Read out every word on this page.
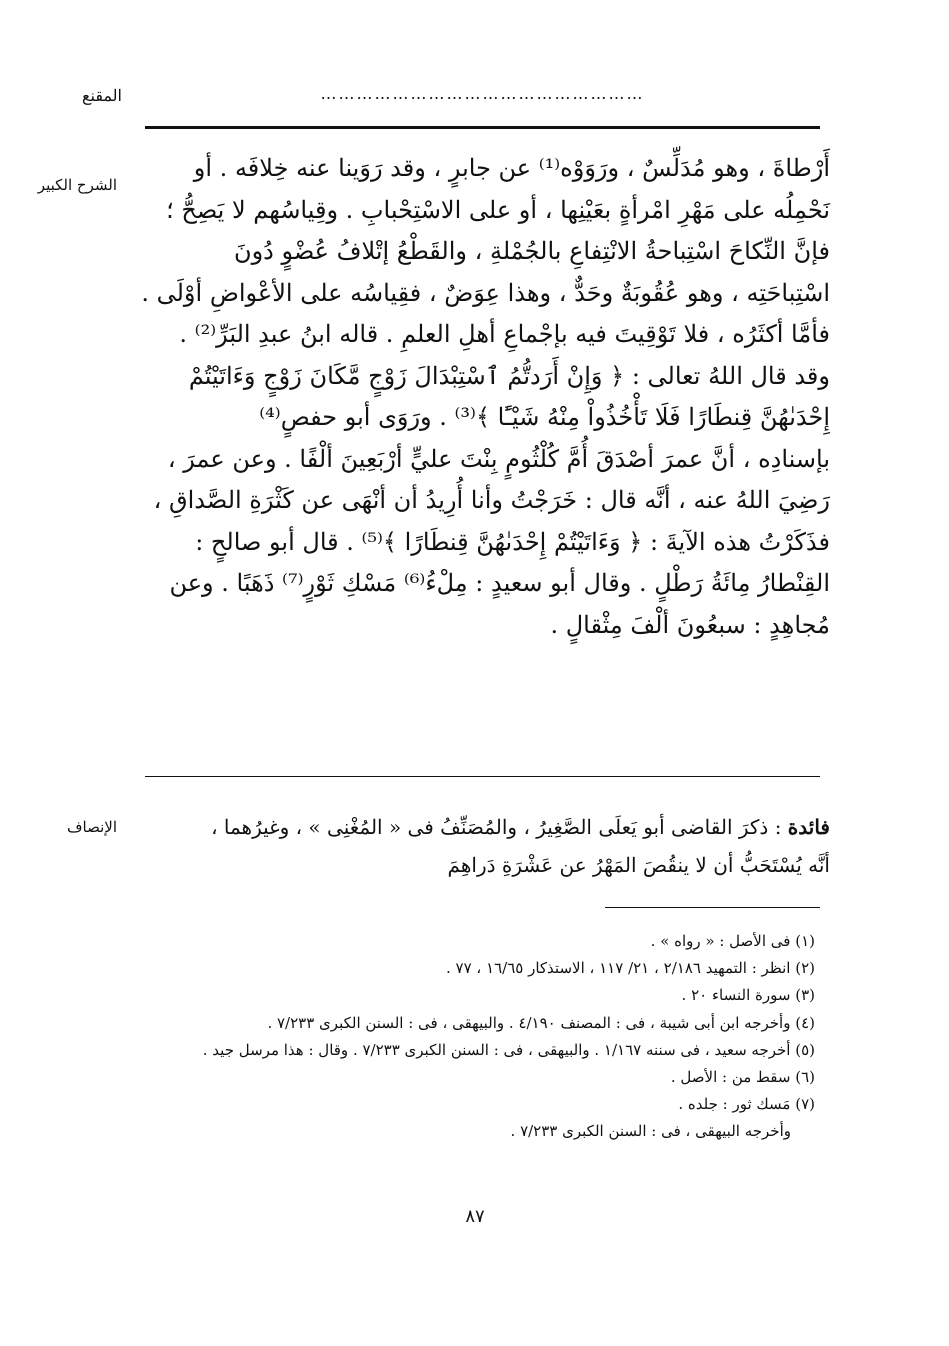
المقنع	………………………………………………
الشرح الكبير

أَرْطاةَ ، وهو مُدَلِّسٌ ، ورَوَوْه⁽¹⁾ عن جابرٍ ، وقد رَوَينا عنه خِلافَه . أو

نَحْمِلُه على مَهْرِ امْرأةٍ بعَيْنِها ، أو على الاسْتِحْبابِ . وقِياسُهم لا يَصِحُّ ؛

فإنَّ النِّكاحَ اسْتِباحةُ الانْتِفاعِ بالجُمْلةِ ، والقَطْعُ إتْلافُ عُضْوٍ دُونَ

اسْتِباحَتِه ، وهو عُقُوبَةٌ وحَدٌّ ، وهذا عِوَضٌ ، فقِياسُه على الأعْواضِ أوْلَى .

فأمَّا أكثَرُه ، فلا تَوْقِيتَ فيه بإجْماعِ أهلِ العلمِ . قاله ابنُ عبدِ البَرِّ⁽²⁾ .

وقد قال اللهُ تعالى : ﴿ وَإِنْ أَرَدتُّمُ ٱسْتِبْدَالَ زَوْجٍ مَّكَانَ زَوْجٍ وَءَاتَيْتُمْ

إِحْدَىٰهُنَّ قِنطَارًا فَلَا تَأْخُذُواْ مِنْهُ شَيْـًٔا ﴾⁽³⁾ . ورَوَى أبو حفصٍ⁽⁴⁾

بإسنادِه ، أنَّ عمرَ أصْدَقَ أُمَّ كُلْثُومٍ بِنْتَ عليٍّ أرْبَعِينَ ألْفًا . وعن عمرَ ،

رَضِيَ اللهُ عنه ، أنَّه قال : خَرَجْتُ وأنا أُرِيدُ أن أنْهَى عن كَثْرَةِ الصَّداقِ ،

فذَكَرْتُ هذه الآيةَ : ﴿ وَءَاتَيْتُمْ إِحْدَىٰهُنَّ قِنطَارًا ﴾⁽⁵⁾ . قال أبو صالحٍ :

القِنْطارُ مِائَةُ رَطْلٍ . وقال أبو سعيدٍ : مِلْءُ⁽⁶⁾ مَسْكِ ثَوْرٍ⁽⁷⁾ ذَهَبًا . وعن

مُجاهِدٍ : سبعُونَ ألْفَ مِثْقالٍ .

الإنصاف	فائدة : ذكرَ القاضى أبو يَعلَى الصَّغِيرُ ، والمُصَنِّفُ فى « المُغْنِى » ، وغيرُهما ،
أنَّه يُسْتَحَبُّ أن لا ينقُصَ المَهْرُ عن عَشْرَةِ دَراهِمَ
(١) فى الأصل : « رواه » .
(٢) انظر : التمهيد ٢/١٨٦ ، ٢١/ ١١٧ ، الاستذكار ١٦/٦٥ ، ٧٧ .
(٣) سورة النساء ٢٠ .
(٤) وأخرجه ابن أبى شيبة ، فى : المصنف ٤/١٩٠ . والبيهقى ، فى : السنن الكبرى ٧/٢٣٣ .
(٥) أخرجه سعيد ، فى سننه ١/١٦٧ . والبيهقى ، فى : السنن الكبرى ٧/٢٣٣ . وقال : هذا مرسل جيد .
(٦) سقط من : الأصل .
(٧) مَسك ثور : جلده .
وأخرجه البيهقى ، فى : السنن الكبرى ٧/٢٣٣ .
٨٧
